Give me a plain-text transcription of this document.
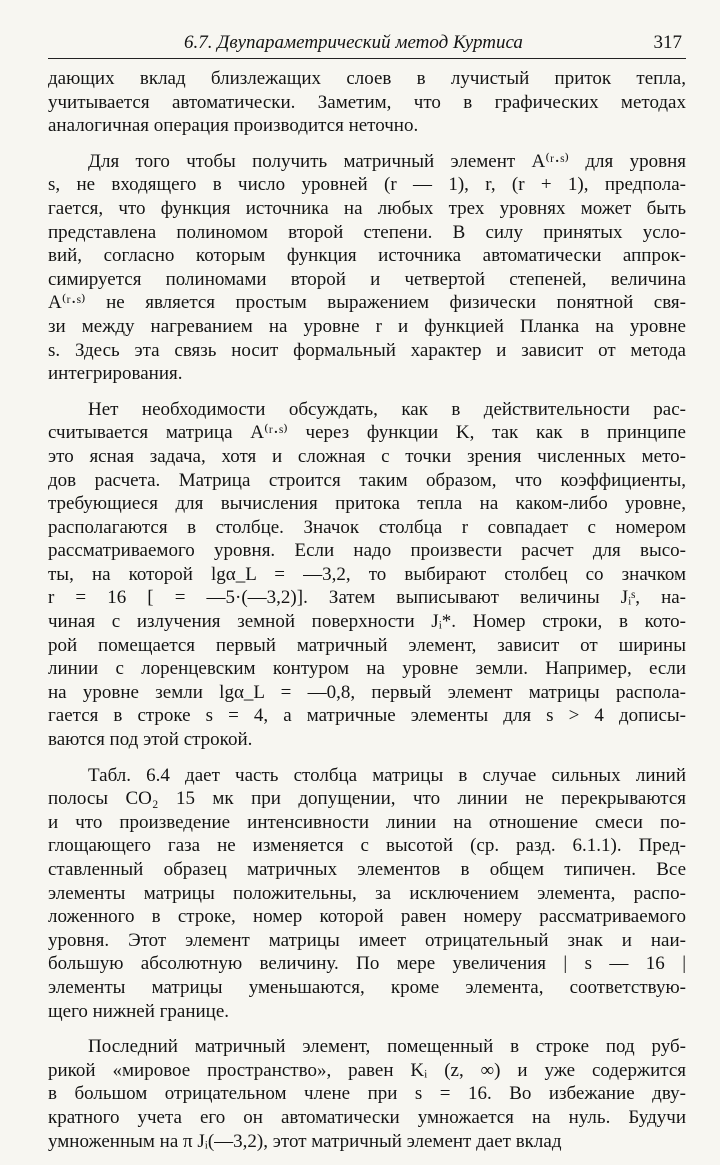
6.7. Двупараметрический метод Куртиса	317
дающих вклад близлежащих слоев в лучистый приток тепла,
учитывается автоматически. Заметим, что в графических методах
аналогичная операция производится неточно.
Для того чтобы получить матричный элемент A⁽ʳ·ˢ⁾ для уровня
s, не входящего в число уровней (r — 1), r, (r + 1), предпола-
гается, что функция источника на любых трех уровнях может быть
представлена полиномом второй степени. В силу принятых усло-
вий, согласно которым функция источника автоматически аппрок-
симируется полиномами второй и четвертой степеней, величина
A⁽ʳ·ˢ⁾ не является простым выражением физически понятной свя-
зи между нагреванием на уровне r и функцией Планка на уровне
s. Здесь эта связь носит формальный характер и зависит от метода
интегрирования.
Нет необходимости обсуждать, как в действительности рас-
считывается матрица A⁽ʳ·ˢ⁾ через функции K, так как в принципе
это ясная задача, хотя и сложная с точки зрения численных мето-
дов расчета. Матрица строится таким образом, что коэффициенты,
требующиеся для вычисления притока тепла на каком-либо уровне,
располагаются в столбце. Значок столбца r совпадает с номером
рассматриваемого уровня. Если надо произвести расчет для высо-
ты, на которой lgα_L = —3,2, то выбирают столбец со значком
r = 16 [ = —5·(—3,2)]. Затем выписывают величины Jᵢˢ, на-
чиная с излучения земной поверхности Jᵢ*. Номер строки, в кото-
рой помещается первый матричный элемент, зависит от ширины
линии с лоренцевским контуром на уровне земли. Например, если
на уровне земли lgα_L = —0,8, первый элемент матрицы распола-
гается в строке s = 4, а матричные элементы для s > 4 дописы-
ваются под этой строкой.
Табл. 6.4 дает часть столбца матрицы в случае сильных линий
полосы CO₂ 15 мк при допущении, что линии не перекрываются
и что произведение интенсивности линии на отношение смеси по-
глощающего газа не изменяется с высотой (ср. разд. 6.1.1). Пред-
ставленный образец матричных элементов в общем типичен. Все
элементы матрицы положительны, за исключением элемента, распо-
ложенного в строке, номер которой равен номеру рассматриваемого
уровня. Этот элемент матрицы имеет отрицательный знак и наи-
большую абсолютную величину. По мере увеличения | s — 16 |
элементы матрицы уменьшаются, кроме элемента, соответствую-
щего нижней границе.
Последний матричный элемент, помещенный в строке под руб-
рикой «мировое пространство», равен Kᵢ (z, ∞) и уже содержится
в большом отрицательном члене при s = 16. Во избежание дву-
кратного учета его он автоматически умножается на нуль. Будучи
умноженным на π Jᵢ(—3,2), этот матричный элемент дает вклад
